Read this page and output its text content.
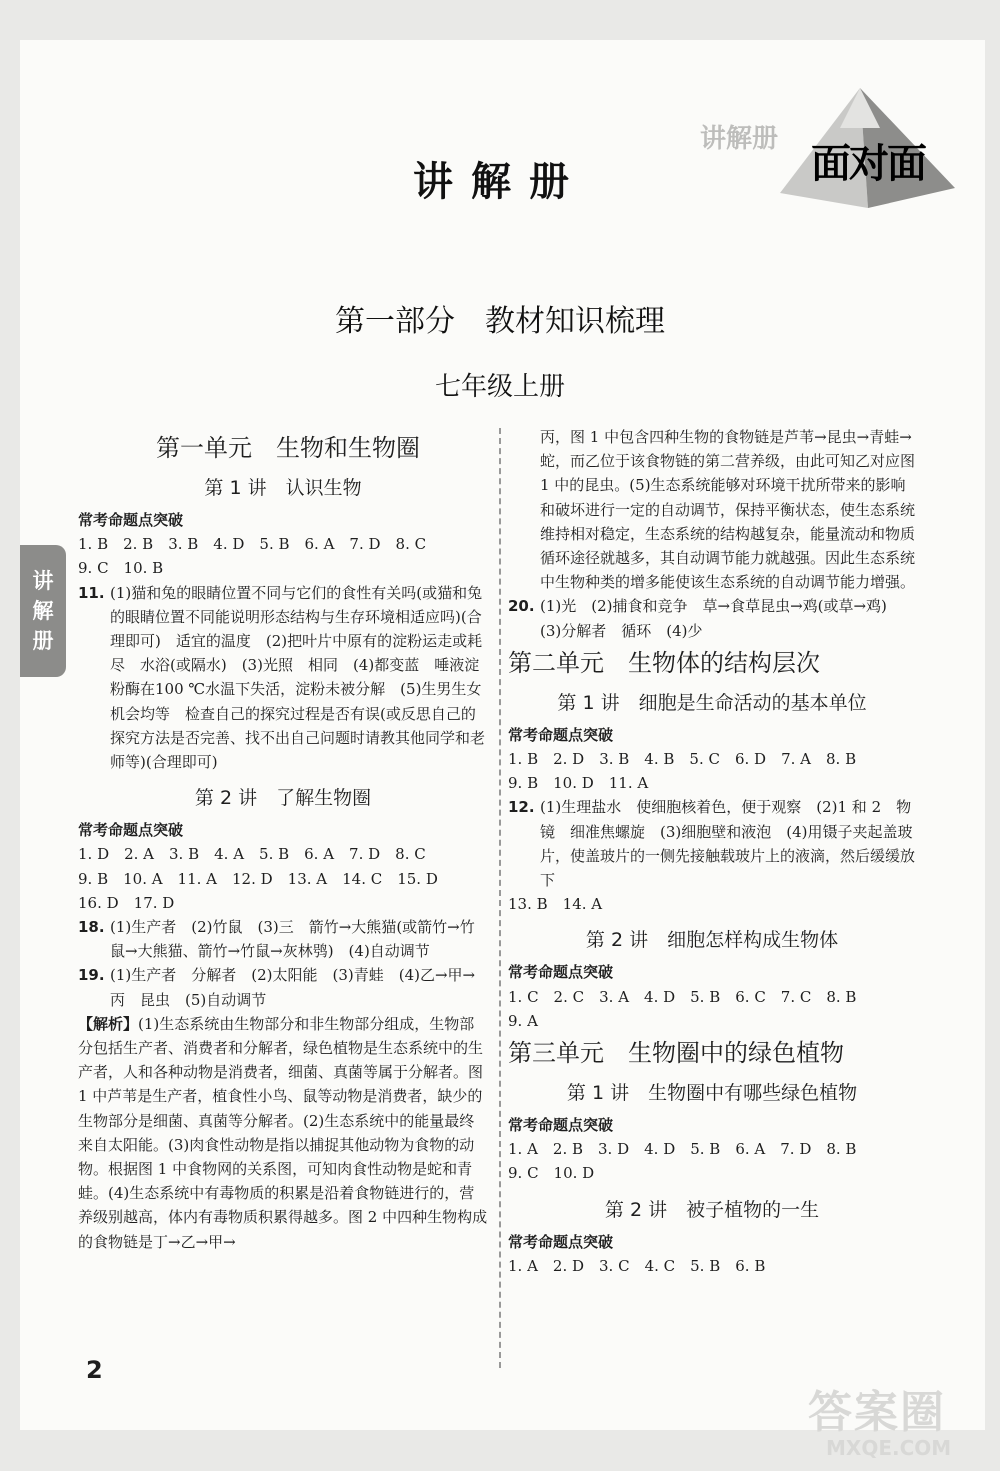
讲解册
讲解册	面对面
第一部分　教材知识梳理
七年级上册
讲
解
册
第一单元　生物和生物圈
第 1 讲　认识生物
常考命题点突破
1. B　2. B　3. B　4. D　5. B　6. A　7. D　8. C
9. C　10. B
11. (1)猫和兔的眼睛位置不同与它们的食性有关吗(或猫和兔的眼睛位置不同能说明形态结构与生存环境相适应吗)(合理即可)　适宜的温度　(2)把叶片中原有的淀粉运走或耗尽　水浴(或隔水)　(3)光照　相同　(4)都变蓝　唾液淀粉酶在100 ℃水温下失活，淀粉未被分解　(5)生男生女机会均等　检查自己的探究过程是否有误(或反思自己的探究方法是否完善、找不出自己问题时请教其他同学和老师等)(合理即可)
第 2 讲　了解生物圈
常考命题点突破
1. D　2. A　3. B　4. A　5. B　6. A　7. D　8. C
9. B　10. A　11. A　12. D　13. A　14. C　15. D
16. D　17. D
18. (1)生产者　(2)竹鼠　(3)三　箭竹→大熊猫(或箭竹→竹鼠→大熊猫、箭竹→竹鼠→灰林鸮)　(4)自动调节
19. (1)生产者　分解者　(2)太阳能　(3)青蛙　(4)乙→甲→丙　昆虫　(5)自动调节
【解析】(1)生态系统由生物部分和非生物部分组成，生物部分包括生产者、消费者和分解者，绿色植物是生态系统中的生产者，人和各种动物是消费者，细菌、真菌等属于分解者。图 1 中芦苇是生产者，植食性小鸟、鼠等动物是消费者，缺少的生物部分是细菌、真菌等分解者。(2)生态系统中的能量最终来自太阳能。(3)肉食性动物是指以捕捉其他动物为食物的动物。根据图 1 中食物网的关系图，可知肉食性动物是蛇和青蛙。(4)生态系统中有毒物质的积累是沿着食物链进行的，营养级别越高，体内有毒物质积累得越多。图 2 中四种生物构成的食物链是丁→乙→甲→
丙，图 1 中包含四种生物的食物链是芦苇→昆虫→青蛙→蛇，而乙位于该食物链的第二营养级，由此可知乙对应图 1 中的昆虫。(5)生态系统能够对环境干扰所带来的影响和破坏进行一定的自动调节，保持平衡状态，使生态系统维持相对稳定，生态系统的结构越复杂，能量流动和物质循环途径就越多，其自动调节能力就越强。因此生态系统中生物种类的增多能使该生态系统的自动调节能力增强。
20. (1)光　(2)捕食和竞争　草→食草昆虫→鸡(或草→鸡)　(3)分解者　循环　(4)少
第二单元　生物体的结构层次
第 1 讲　细胞是生命活动的基本单位
常考命题点突破
1. B　2. D　3. B　4. B　5. C　6. D　7. A　8. B
9. B　10. D　11. A
12. (1)生理盐水　使细胞核着色，便于观察　(2)1 和 2　物镜　细准焦螺旋　(3)细胞壁和液泡　(4)用镊子夹起盖玻片，使盖玻片的一侧先接触载玻片上的液滴，然后缓缓放下
13. B　14. A
第 2 讲　细胞怎样构成生物体
常考命题点突破
1. C　2. C　3. A　4. D　5. B　6. C　7. C　8. B
9. A
第三单元　生物圈中的绿色植物
第 1 讲　生物圈中有哪些绿色植物
常考命题点突破
1. A　2. B　3. D　4. D　5. B　6. A　7. D　8. B
9. C　10. D
第 2 讲　被子植物的一生
常考命题点突破
1. A　2. D　3. C　4. C　5. B　6. B
2
答案圈
MXQE.COM
